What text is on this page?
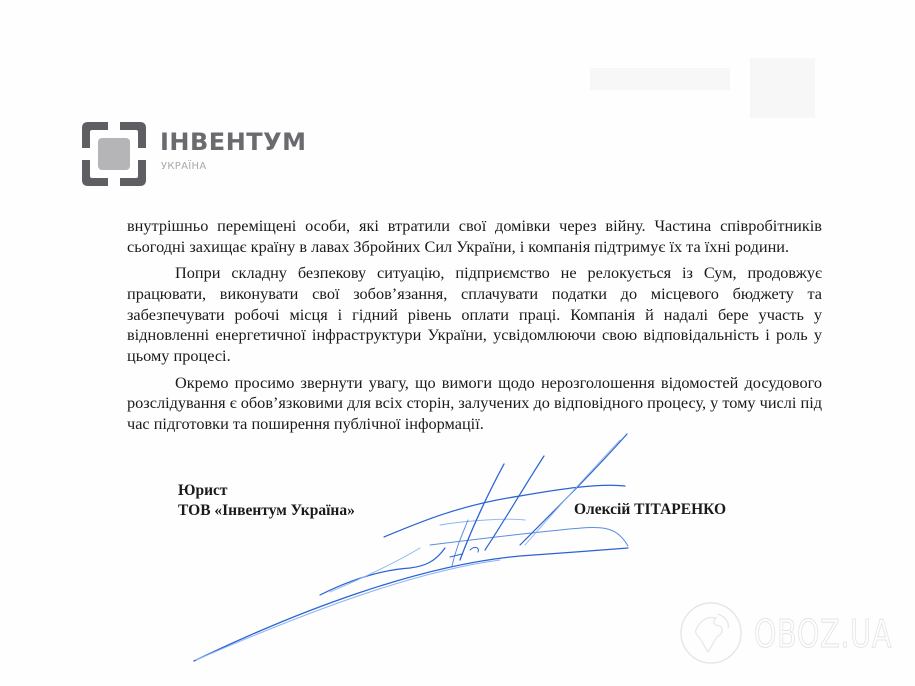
ІНВЕНТУМ
УКРАЇНА

внутрішньо переміщені особи, які втратили свої домівки через війну. Частина співробітників сьогодні захищає країну в лавах Збройних Сил України, і компанія підтримує їх та їхні родини.

Попри складну безпекову ситуацію, підприємство не релокується із Сум, продовжує працювати, виконувати свої зобов’язання, сплачувати податки до місцевого бюджету та забезпечувати робочі місця і гідний рівень оплати праці. Компанія й надалі бере участь у відновленні енергетичної інфраструктури України, усвідомлюючи свою відповідальність і роль у цьому процесі.

Окремо просимо звернути увагу, що вимоги щодо нерозголошення відомостей досудового розслідування є обов’язковими для всіх сторін, залучених до відповідного процесу, у тому числі під час підготовки та поширення публічної інформації.

Юрист
ТОВ «Інвентум Україна»	Олексій ТІТАРЕНКО
OBOZ.UA
